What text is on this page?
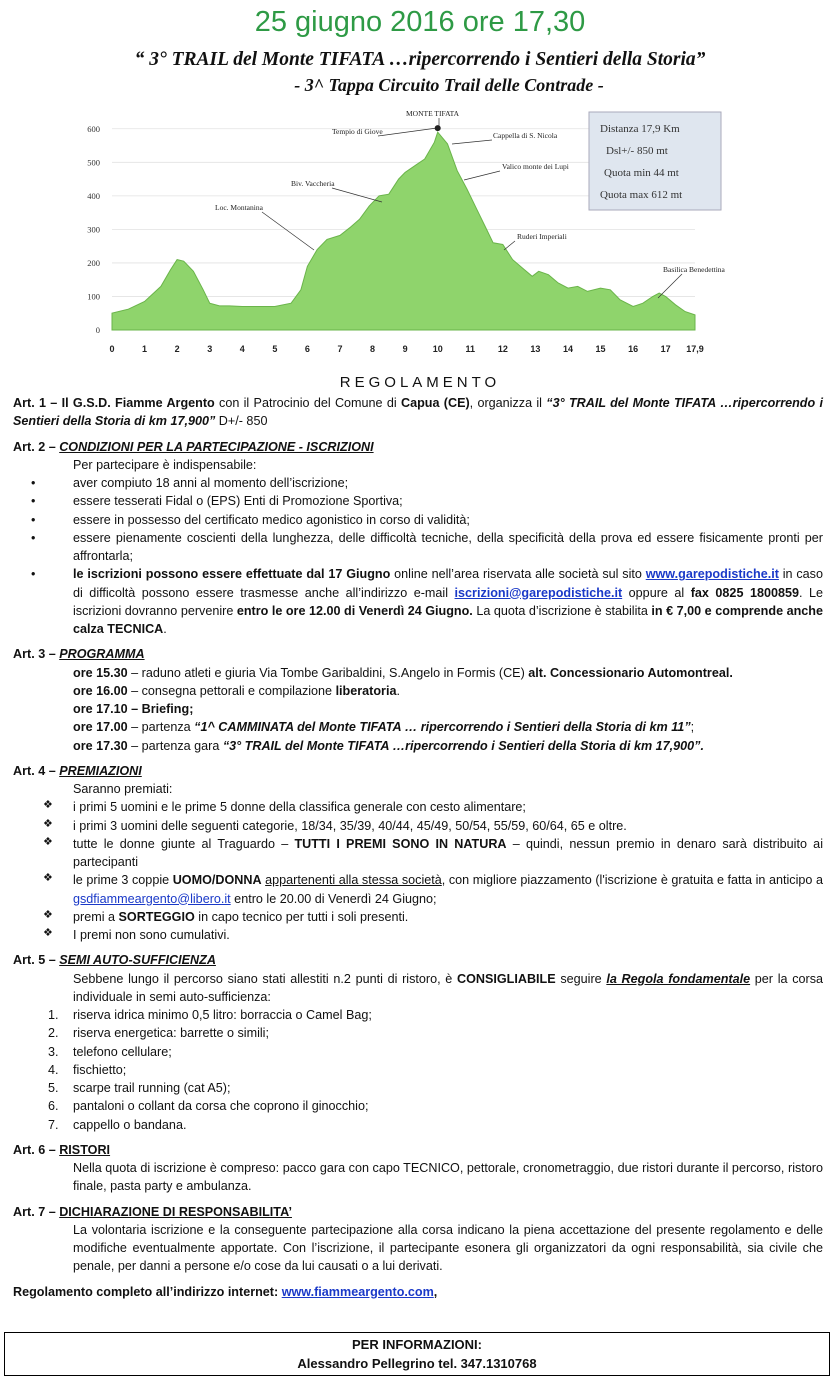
25 giugno 2016 ore 17,30
“ 3° TRAIL del Monte TIFATA …ripercorrendo i Sentieri della Storia”
- 3^ Tappa Circuito Trail delle Contrade -
600
500
400
300
200
100
0
0	1	2	3	4	5	6	7	8	9	10	11	12	13	14	15	16	17 17,9
MONTE TIFATA
Tempio di Giove	Cappella di S. Nicola
Valico monte dei Lupi
Biv. Vaccheria
Loc. Montanina
Ruderi Imperiali
Basilica Benedettina
Distanza 17,9 Km
Dsl+/- 850 mt
Quota min 44 mt
Quota max 612 mt
REGOLAMENTO

Art. 1 – Il G.S.D. Fiamme Argento con il Patrocinio del Comune di Capua (CE), organizza il “3° TRAIL del Monte TIFATA …ripercorrendo i Sentieri della Storia di km 17,900” D+/- 850

Art. 2 – CONDIZIONI PER LA PARTECIPAZIONE - ISCRIZIONI

Per partecipare è indispensabile:

•	aver compiuto 18 anni al momento dell’iscrizione;
•	essere tesserati Fidal o (EPS) Enti di Promozione Sportiva;
•	essere in possesso del certificato medico agonistico in corso di validità;
•	essere pienamente coscienti della lunghezza, delle difficoltà tecniche, della specificità della prova ed essere fisicamente pronti per affrontarla;
•	le iscrizioni possono essere effettuate dal 17 Giugno online nell’area riservata alle società sul sito www.garepodistiche.it in caso di difficoltà possono essere trasmesse anche all’indirizzo e-mail iscrizioni@garepodistiche.it oppure al fax 0825 1800859. Le iscrizioni dovranno pervenire entro le ore 12.00 di Venerdì 24 Giugno. La quota d’iscrizione è stabilita in € 7,00 e comprende anche calza TECNICA.

Art. 3 – PROGRAMMA

ore 15.30 – raduno atleti e giuria Via Tombe Garibaldini, S.Angelo in Formis (CE) alt. Concessionario Automontreal.

ore 16.00 – consegna pettorali e compilazione liberatoria.

ore 17.10 – Briefing;

ore 17.00 – partenza “1^ CAMMINATA del Monte TIFATA … ripercorrendo i Sentieri della Storia di km 11”;

ore 17.30 – partenza gara “3° TRAIL del Monte TIFATA …ripercorrendo i Sentieri della Storia di km 17,900”.

Art. 4 – PREMIAZIONI

Saranno premiati:

❖ i primi 5 uomini e le prime 5 donne della classifica generale con cesto alimentare;
❖ i primi 3 uomini delle seguenti categorie, 18/34, 35/39, 40/44, 45/49, 50/54, 55/59, 60/64, 65 e oltre.
❖ tutte le donne giunte al Traguardo – TUTTI I PREMI SONO IN NATURA – quindi, nessun premio in denaro sarà distribuito ai partecipanti
❖ le prime 3 coppie UOMO/DONNA appartenenti alla stessa società, con migliore piazzamento (l'iscrizione è gratuita e fatta in anticipo a gsdfiammeargento@libero.it entro le 20.00 di Venerdì 24 Giugno;
❖ premi a SORTEGGIO in capo tecnico per tutti i soli presenti.
❖ I premi non sono cumulativi.

Art. 5 – SEMI AUTO-SUFFICIENZA

Sebbene lungo il percorso siano stati allestiti n.2 punti di ristoro, è CONSIGLIABILE seguire la Regola fondamentale per la corsa individuale in semi auto-sufficienza:

1. riserva idrica minimo 0,5 litro: borraccia o Camel Bag;
2. riserva energetica: barrette o simili;
3. telefono cellulare;
4. fischietto;
5. scarpe trail running (cat A5);
6. pantaloni o collant da corsa che coprono il ginocchio;
7. cappello o bandana.

Art. 6 – RISTORI

Nella quota di iscrizione è compreso: pacco gara con capo TECNICO, pettorale, cronometraggio, due ristori durante il percorso, ristoro finale, pasta party e ambulanza.

Art. 7 – DICHIARAZIONE DI RESPONSABILITA’

La volontaria iscrizione e la conseguente partecipazione alla corsa indicano la piena accettazione del presente regolamento e delle modifiche eventualmente apportate. Con l’iscrizione, il partecipante esonera gli organizzatori da ogni responsabilità, sia civile che penale, per danni a persone e/o cose da lui causati o a lui derivati.

Regolamento completo all’indirizzo internet: www.fiammeargento.com,

PER INFORMAZIONI:
Alessandro Pellegrino tel. 347.1310768
